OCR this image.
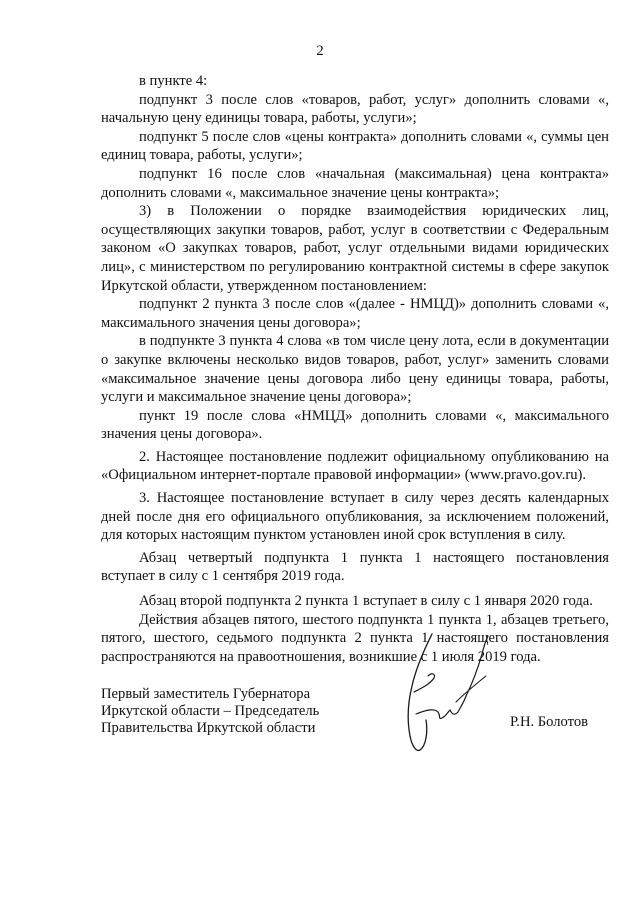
2

в пункте 4:

подпункт 3 после слов «товаров, работ, услуг» дополнить словами «, начальную цену единицы товара, работы, услуги»;

подпункт 5 после слов «цены контракта» дополнить словами «, суммы цен единиц товара, работы, услуги»;

подпункт 16 после слов «начальная (максимальная) цена контракта» дополнить словами «, максимальное значение цены контракта»;

3) в Положении о порядке взаимодействия юридических лиц, осуществляющих закупки товаров, работ, услуг в соответствии с Федеральным законом «О закупках товаров, работ, услуг отдельными видами юридических лиц», с министерством по регулированию контрактной системы в сфере закупок Иркутской области, утвержденном постановлением:

подпункт 2 пункта 3 после слов «(далее - НМЦД)» дополнить словами «, максимального значения цены договора»;

в подпункте 3 пункта 4 слова «в том числе цену лота, если в документации о закупке включены несколько видов товаров, работ, услуг» заменить словами «максимальное значение цены договора либо цену единицы товара, работы, услуги и максимальное значение цены договора»;

пункт 19 после слова «НМЦД» дополнить словами «, максимального значения цены договора».

2. Настоящее постановление подлежит официальному опубликованию на «Официальном интернет-портале правовой информации» (www.pravo.gov.ru).

3. Настоящее постановление вступает в силу через десять календарных дней после дня его официального опубликования, за исключением положений, для которых настоящим пунктом установлен иной срок вступления в силу.

Абзац четвертый подпункта 1 пункта 1 настоящего постановления вступает в силу с 1 сентября 2019 года.

Абзац второй подпункта 2 пункта 1 вступает в силу с 1 января 2020 года.

Действия абзацев пятого, шестого подпункта 1 пункта 1, абзацев третьего, пятого, шестого, седьмого подпункта 2 пункта 1 настоящего постановления распространяются на правоотношения, возникшие с 1 июля 2019 года.

Первый заместитель Губернатора
Иркутской области – Председатель
Правительства Иркутской области	Р.Н. Болотов
